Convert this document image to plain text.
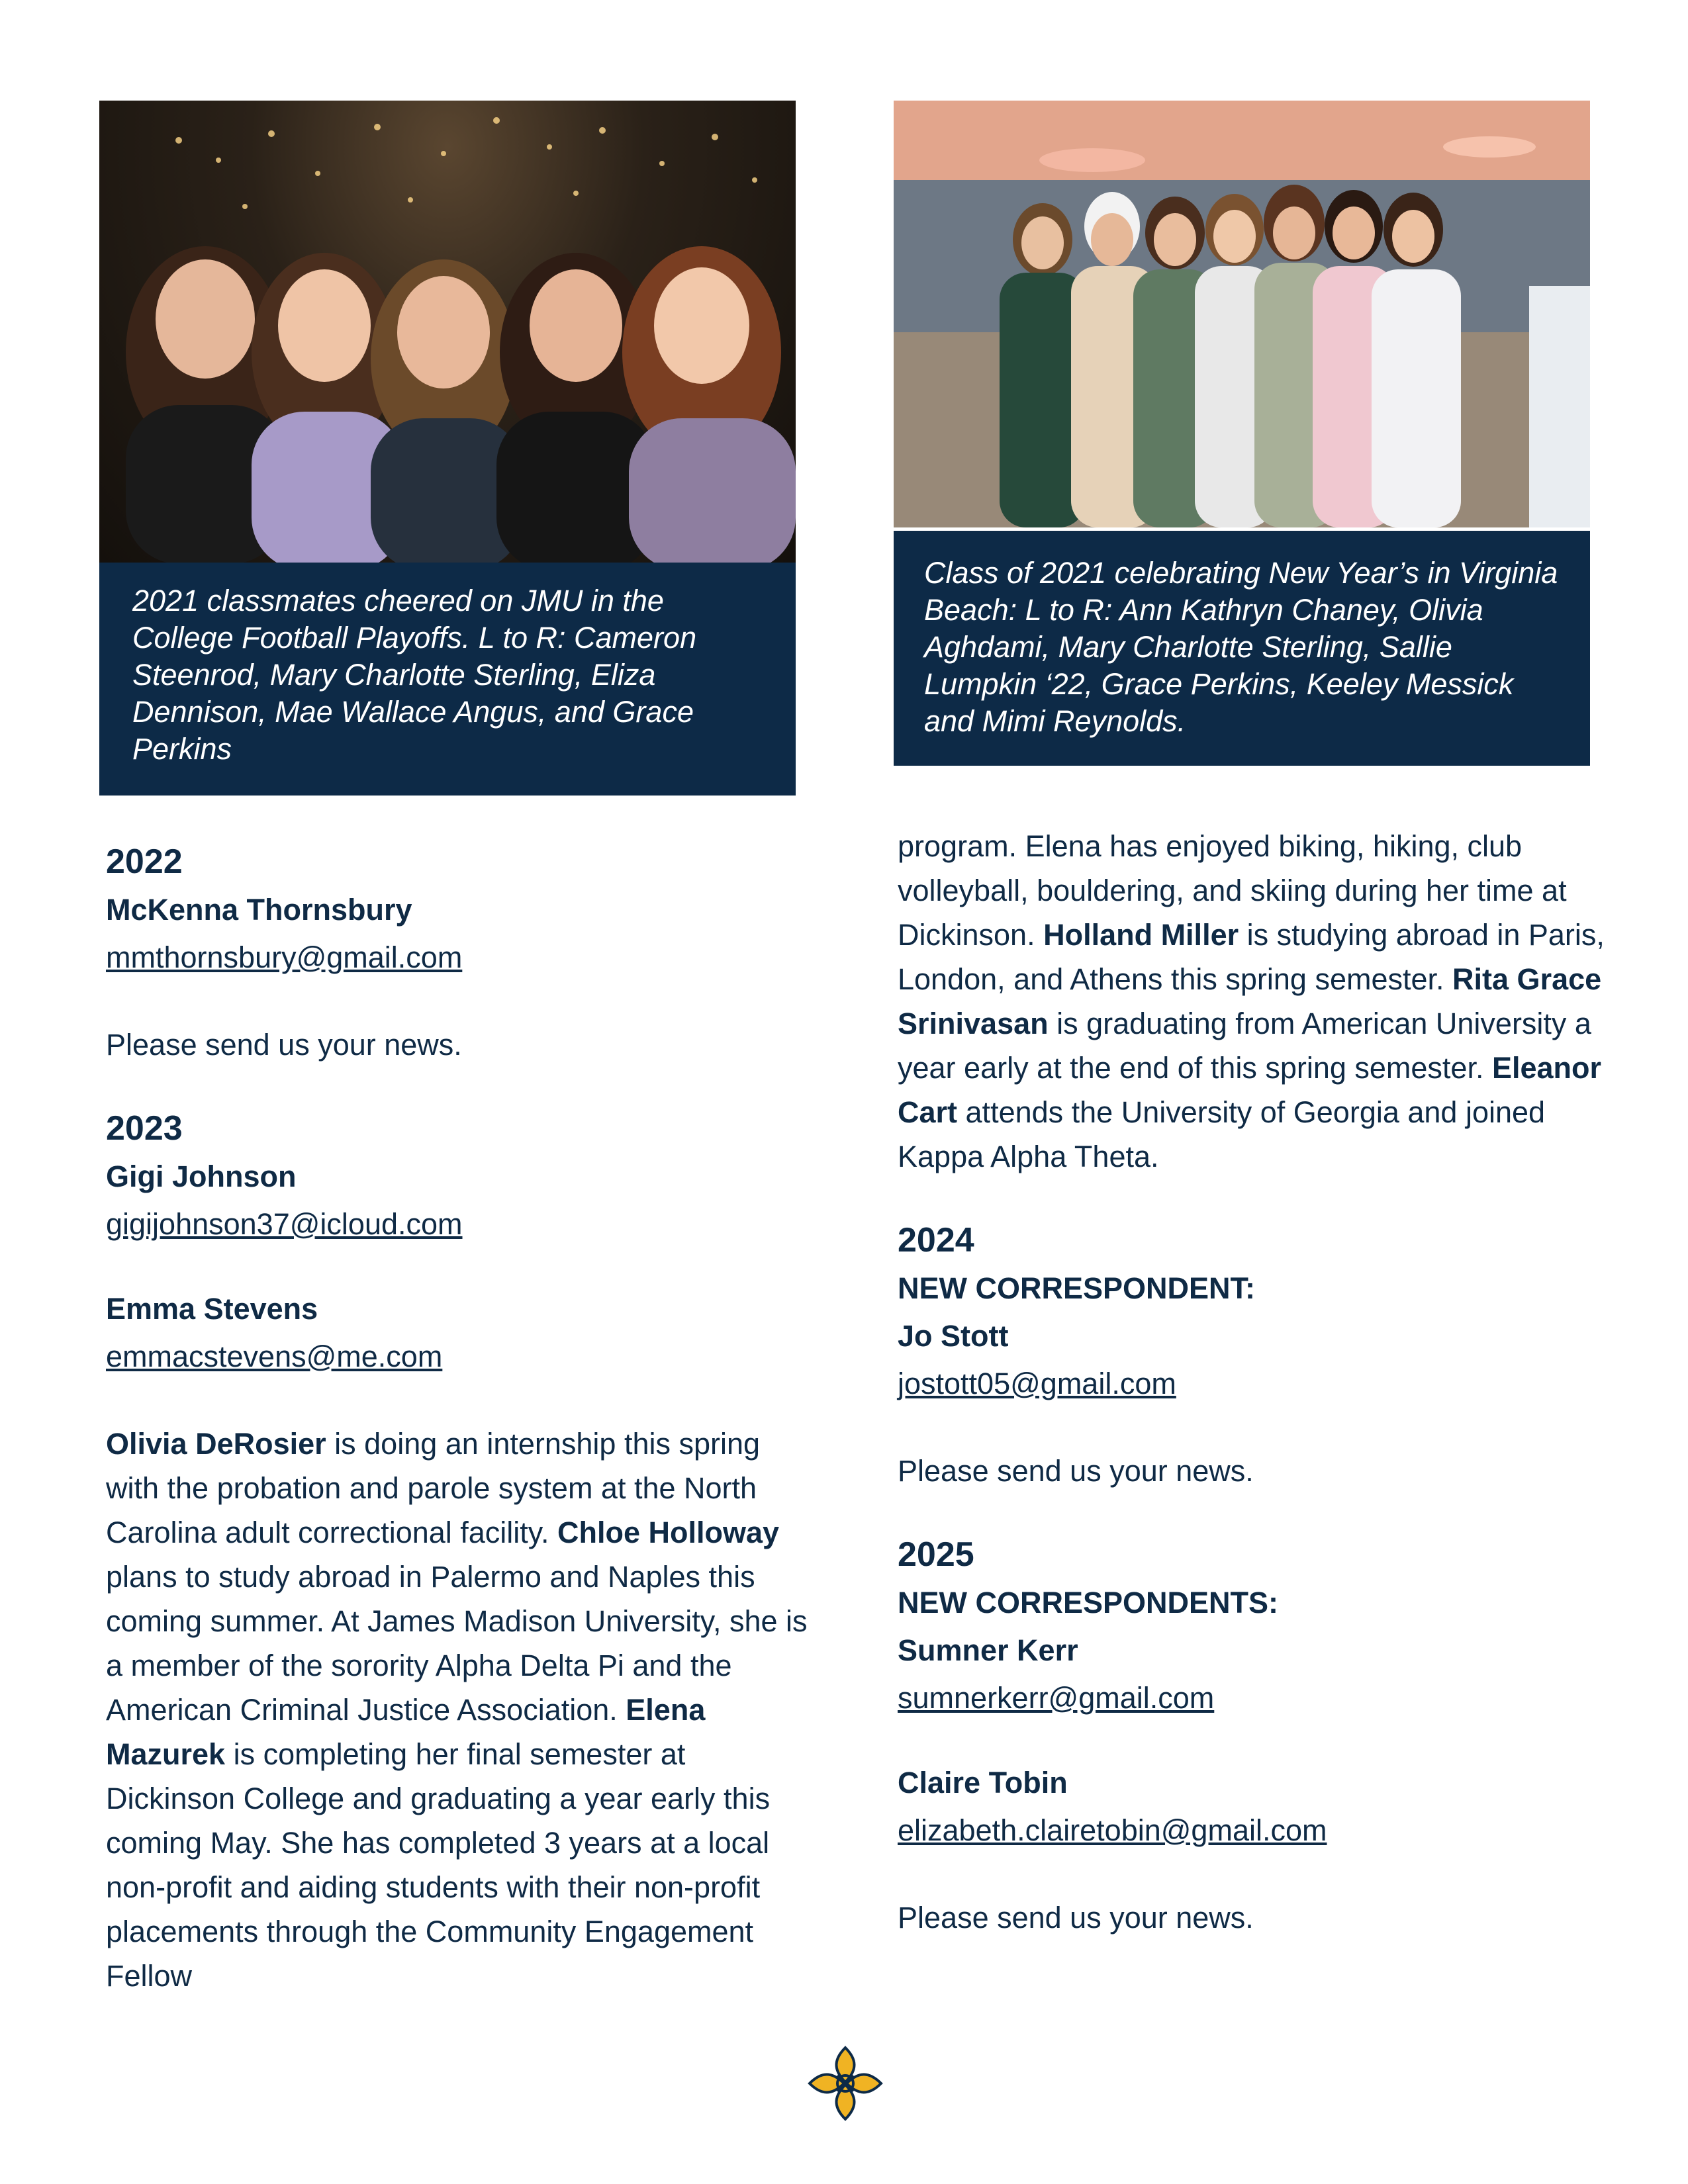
2021 classmates cheered on JMU in the College Football Playoffs. L to R: Cameron Steenrod, Mary Charlotte Sterling, Eliza Dennison, Mae Wallace Angus, and Grace Perkins
Class of 2021 celebrating New Year’s in Virginia Beach: L to R: Ann Kathryn Chaney, Olivia Aghdami, Mary Charlotte Sterling, Sallie Lumpkin ‘22, Grace Perkins, Keeley Messick and Mimi Reynolds.
2022
McKenna Thornsbury
mmthornsbury@gmail.com
Please send us your news.
2023
Gigi Johnson
gigijohnson37@icloud.com
Emma Stevens
emmacstevens@me.com
Olivia DeRosier is doing an internship this spring with the probation and parole system at the North Carolina adult correctional facility. Chloe Holloway plans to study abroad in Palermo and Naples this coming summer. At James Madison University, she is a member of the sorority Alpha Delta Pi and the American Criminal Justice Association. Elena Mazurek is completing her final semester at Dickinson College and graduating a year early this coming May. She has completed 3 years at a local non-profit and aiding students with their non-profit placements through the Community Engagement Fellow
program. Elena has enjoyed biking, hiking, club volleyball, bouldering, and skiing during her time at Dickinson. Holland Miller is studying abroad in Paris, London, and Athens this spring semester. Rita Grace Srinivasan is graduating from American University a year early at the end of this spring semester. Eleanor Cart attends the University of Georgia and joined Kappa Alpha Theta.
2024
NEW CORRESPONDENT:
Jo Stott
jostott05@gmail.com
Please send us your news.
2025
NEW CORRESPONDENTS:
Sumner Kerr
sumnerkerr@gmail.com
Claire Tobin
elizabeth.clairetobin@gmail.com
Please send us your news.
